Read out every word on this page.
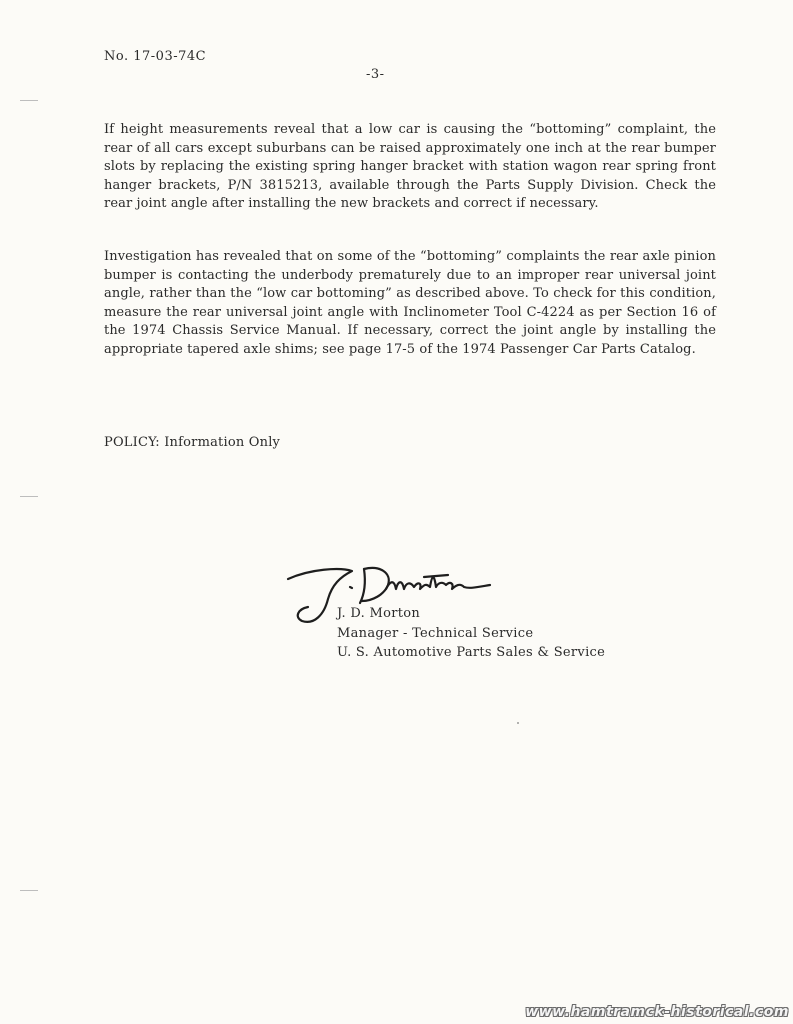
No. 17-03-74C
-3-

If height measurements reveal that a low car is causing the “bottoming” complaint, the rear of all cars except suburbans can be raised approximately one inch at the rear bumper slots by replacing the existing spring hanger bracket with station wagon rear spring front hanger brackets, P/N 3815213, available through the Parts Supply Division. Check the rear joint angle after installing the new brackets and correct if necessary.

Investigation has revealed that on some of the “bottoming” complaints the rear axle pinion bumper is contacting the underbody prematurely due to an improper rear universal joint angle, rather than the “low car bottoming” as described above. To check for this condition, measure the rear universal joint angle with Inclinometer Tool C-4224 as per Section 16 of the 1974 Chassis Service Manual. If necessary, correct the joint angle by installing the appropriate tapered axle shims; see page 17-5 of the 1974 Passenger Car Parts Catalog.

POLICY: Information Only
J. D. Morton
Manager - Technical Service
U. S. Automotive Parts Sales & Service
www.hamtramck-historical.com
